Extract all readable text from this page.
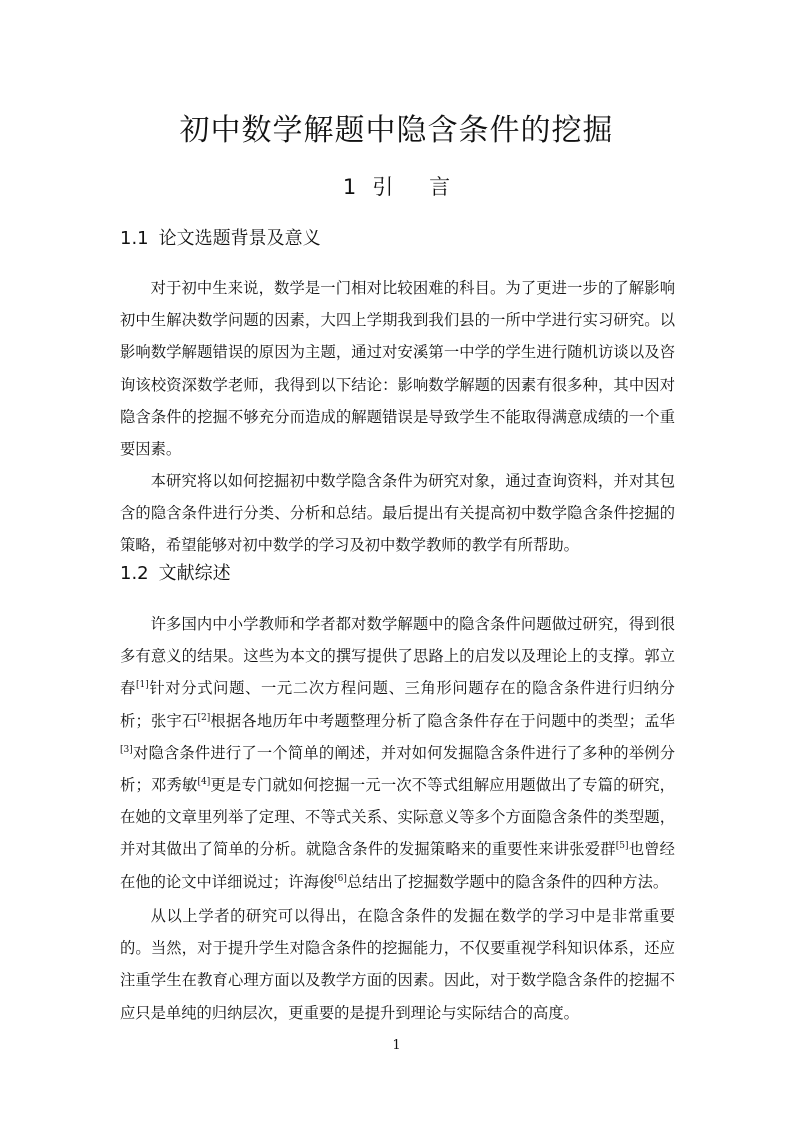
初中数学解题中隐含条件的挖掘
1 引言
1.1 论文选题背景及意义

对于初中生来说，数学是一门相对比较困难的科目。为了更进一步的了解影响初中生解决数学问题的因素，大四上学期我到我们县的一所中学进行实习研究。以影响数学解题错误的原因为主题，通过对安溪第一中学的学生进行随机访谈以及咨询该校资深数学老师，我得到以下结论：影响数学解题的因素有很多种，其中因对隐含条件的挖掘不够充分而造成的解题错误是导致学生不能取得满意成绩的一个重要因素。

本研究将以如何挖掘初中数学隐含条件为研究对象，通过查询资料，并对其包含的隐含条件进行分类、分析和总结。最后提出有关提高初中数学隐含条件挖掘的策略，希望能够对初中数学的学习及初中数学教师的教学有所帮助。

1.2 文献综述

许多国内中小学教师和学者都对数学解题中的隐含条件问题做过研究，得到很多有意义的结果。这些为本文的撰写提供了思路上的启发以及理论上的支撑。郭立春[1]针对分式问题、一元二次方程问题、三角形问题存在的隐含条件进行归纳分析；张宇石[2]根据各地历年中考题整理分析了隐含条件存在于问题中的类型；孟华[3]对隐含条件进行了一个简单的阐述，并对如何发掘隐含条件进行了多种的举例分析；邓秀敏[4]更是专门就如何挖掘一元一次不等式组解应用题做出了专篇的研究，在她的文章里列举了定理、不等式关系、实际意义等多个方面隐含条件的类型题，并对其做出了简单的分析。就隐含条件的发掘策略来的重要性来讲张爱群[5]也曾经在他的论文中详细说过；许海俊[6]总结出了挖掘数学题中的隐含条件的四种方法。

从以上学者的研究可以得出，在隐含条件的发掘在数学的学习中是非常重要的。当然，对于提升学生对隐含条件的挖掘能力，不仅要重视学科知识体系，还应注重学生在教育心理方面以及教学方面的因素。因此，对于数学隐含条件的挖掘不应只是单纯的归纳层次，更重要的是提升到理论与实际结合的高度。

1
